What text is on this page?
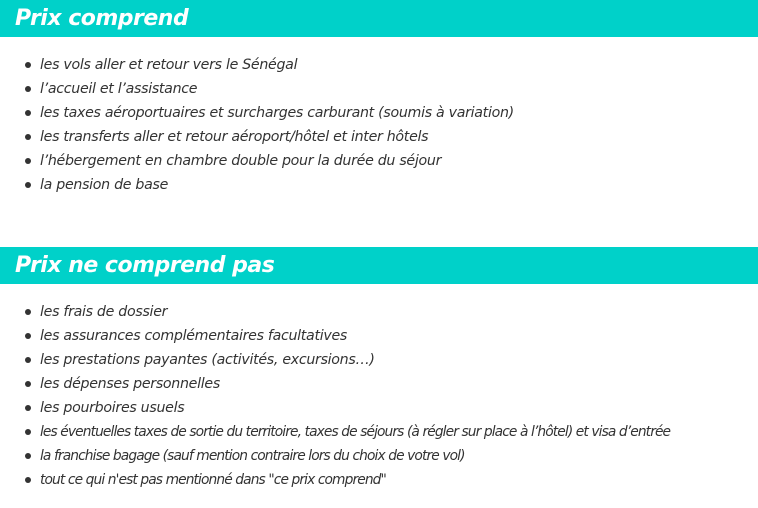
Prix comprend
les vols aller et retour vers le Sénégal
l’accueil et l’assistance
les taxes aéroportuaires et surcharges carburant (soumis à variation)
les transferts aller et retour aéroport/hôtel et inter hôtels
l’hébergement en chambre double pour la durée du séjour
la pension de base
Prix ne comprend pas
les frais de dossier
les assurances complémentaires facultatives
les prestations payantes (activités, excursions…)
les dépenses personnelles
les pourboires usuels
les éventuelles taxes de sortie du territoire, taxes de séjours (à régler sur place à l’hôtel) et visa d’entrée
la franchise bagage (sauf mention contraire lors du choix de votre vol)
tout ce qui n'est pas mentionné dans "ce prix comprend"
